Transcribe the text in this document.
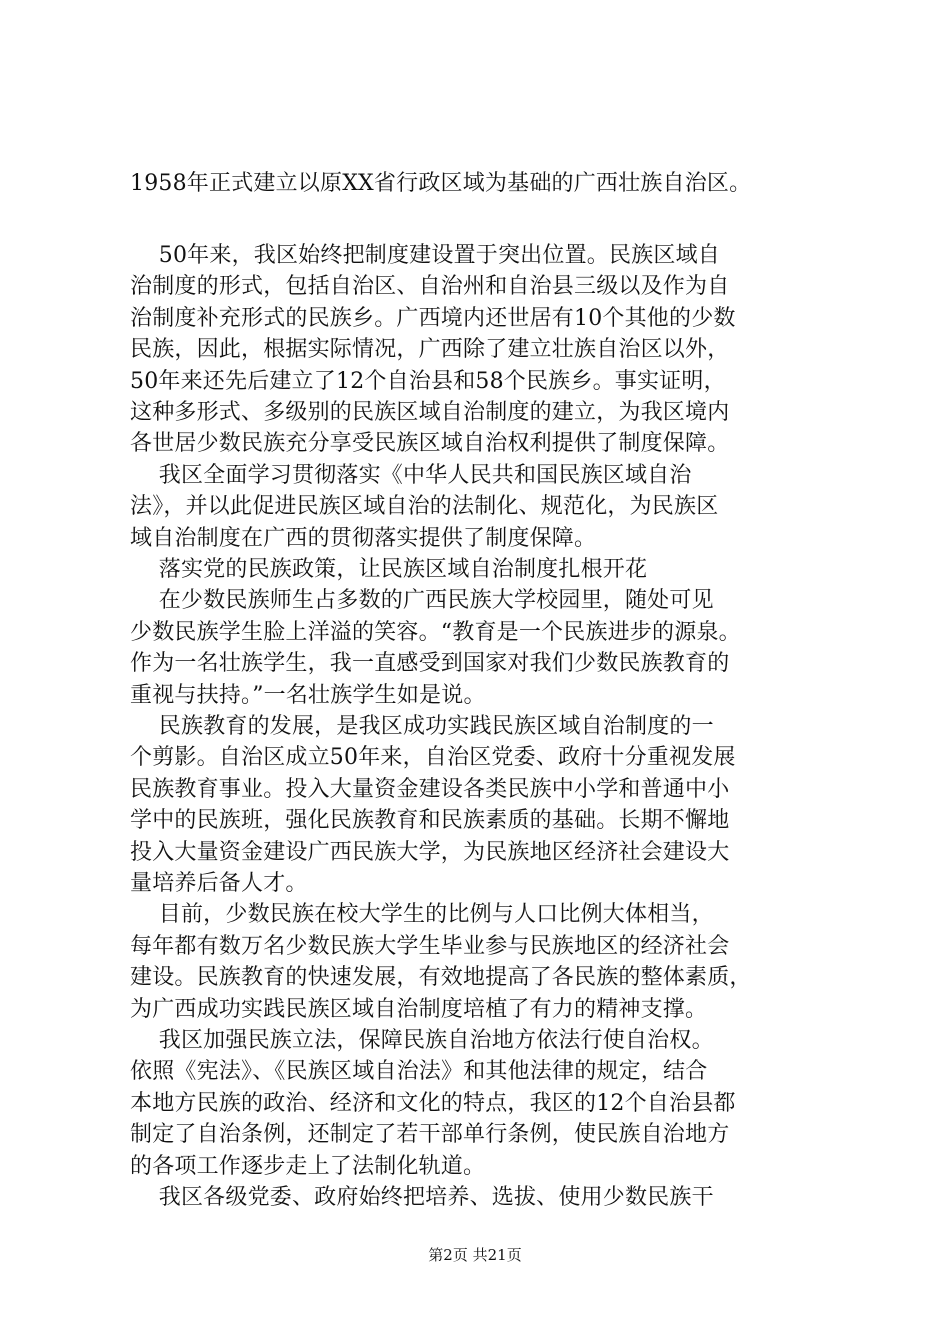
1958年正式建立以原XX省行政区域为基础的广西壮族自治区。
50年来，我区始终把制度建设置于突出位置。民族区域自
治制度的形式，包括自治区、自治州和自治县三级以及作为自
治制度补充形式的民族乡。广西境内还世居有10个其他的少数
民族，因此，根据实际情况，广西除了建立壮族自治区以外，
50年来还先后建立了12个自治县和58个民族乡。事实证明，
这种多形式、多级别的民族区域自治制度的建立，为我区境内
各世居少数民族充分享受民族区域自治权利提供了制度保障。
我区全面学习贯彻落实《中华人民共和国民族区域自治
法》，并以此促进民族区域自治的法制化、规范化，为民族区
域自治制度在广西的贯彻落实提供了制度保障。
落实党的民族政策，让民族区域自治制度扎根开花
在少数民族师生占多数的广西民族大学校园里，随处可见
少数民族学生脸上洋溢的笑容。“教育是一个民族进步的源泉。
作为一名壮族学生，我一直感受到国家对我们少数民族教育的
重视与扶持。”一名壮族学生如是说。
民族教育的发展，是我区成功实践民族区域自治制度的一
个剪影。自治区成立50年来，自治区党委、政府十分重视发展
民族教育事业。投入大量资金建设各类民族中小学和普通中小
学中的民族班，强化民族教育和民族素质的基础。长期不懈地
投入大量资金建设广西民族大学，为民族地区经济社会建设大
量培养后备人才。
目前，少数民族在校大学生的比例与人口比例大体相当，
每年都有数万名少数民族大学生毕业参与民族地区的经济社会
建设。民族教育的快速发展，有效地提高了各民族的整体素质，
为广西成功实践民族区域自治制度培植了有力的精神支撑。
我区加强民族立法，保障民族自治地方依法行使自治权。
依照《宪法》、《民族区域自治法》和其他法律的规定，结合
本地方民族的政治、经济和文化的特点，我区的12个自治县都
制定了自治条例，还制定了若干部单行条例，使民族自治地方
的各项工作逐步走上了法制化轨道。
我区各级党委、政府始终把培养、选拔、使用少数民族干
第2页 共21页
